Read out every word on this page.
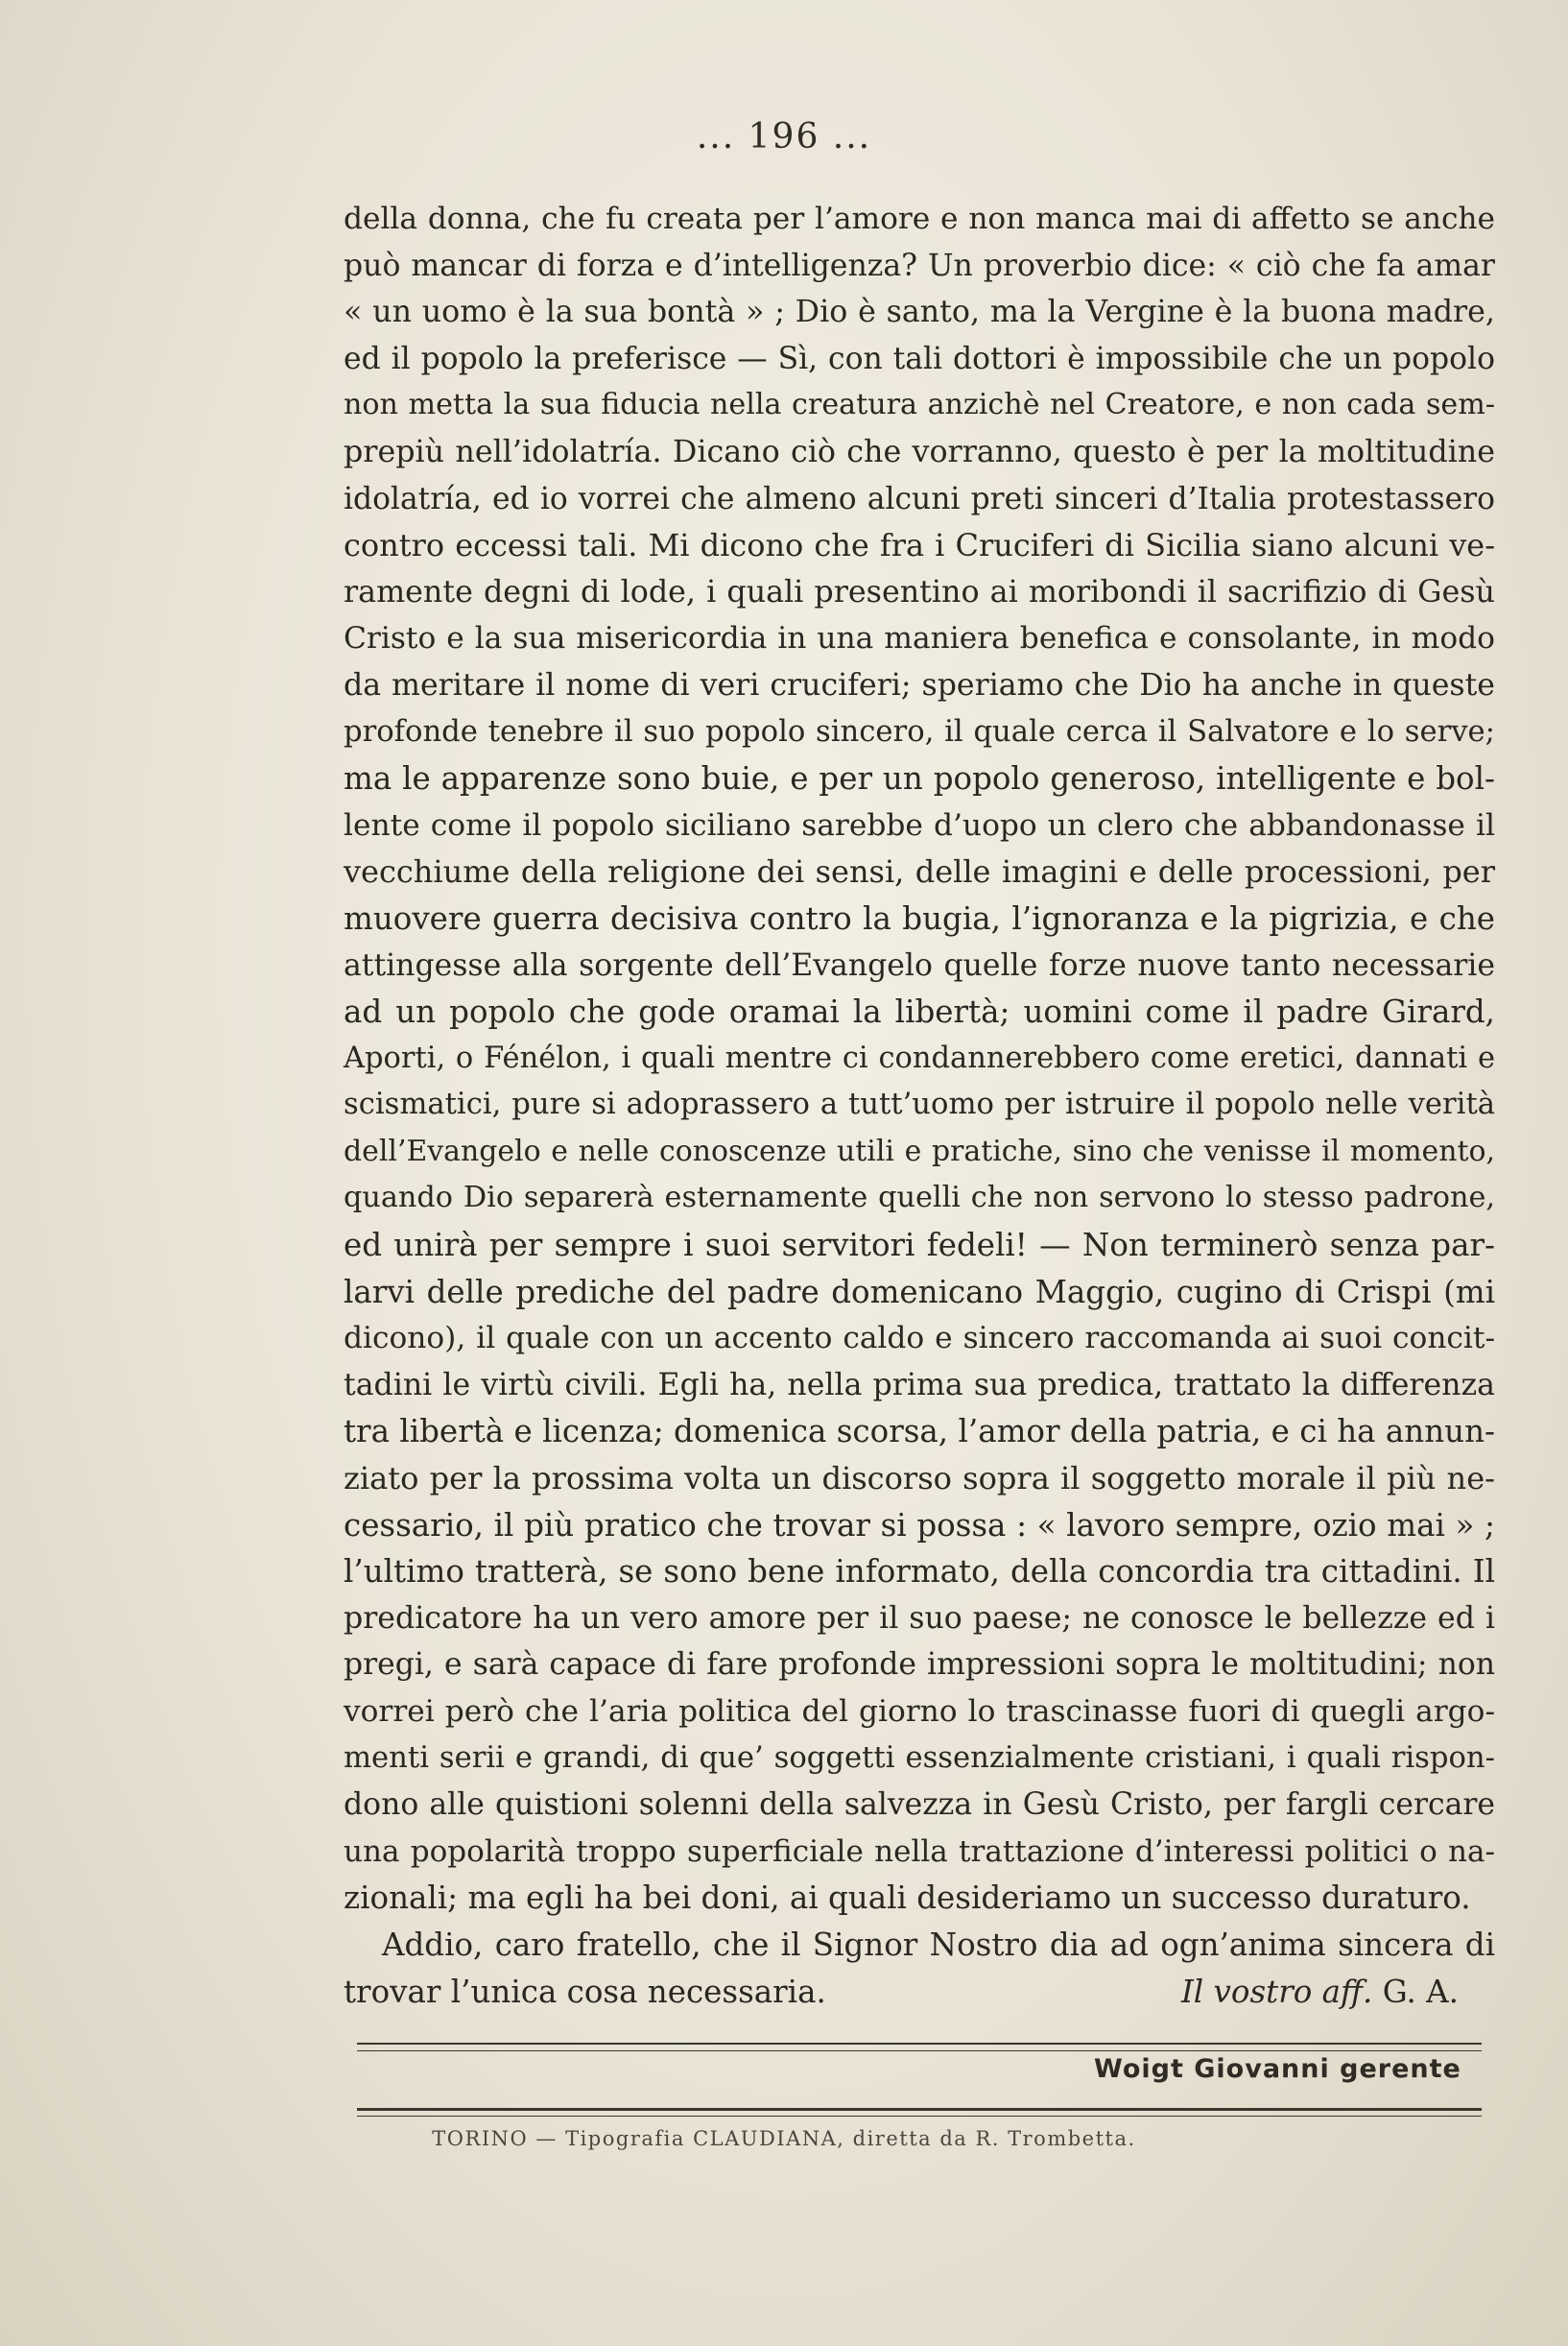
... 196 ...
della donna, che fu creata per l’amore e non manca mai di affetto se anche
può mancar di forza e d’intelligenza? Un proverbio dice: « ciò che fa amar
« un uomo è la sua bontà » ; Dio è santo, ma la Vergine è la buona madre,
ed il popolo la preferisce — Sì, con tali dottori è impossibile che un popolo
non metta la sua fiducia nella creatura anzichè nel Creatore, e non cada sem-
prepiù nell’idolatría. Dicano ciò che vorranno, questo è per la moltitudine
idolatría, ed io vorrei che almeno alcuni preti sinceri d’Italia protestassero
contro eccessi tali. Mi dicono che fra i Cruciferi di Sicilia siano alcuni ve-
ramente degni di lode, i quali presentino ai moribondi il sacrifizio di Gesù
Cristo e la sua misericordia in una maniera benefica e consolante, in modo
da meritare il nome di veri cruciferi; speriamo che Dio ha anche in queste
profonde tenebre il suo popolo sincero, il quale cerca il Salvatore e lo serve;
ma le apparenze sono buie, e per un popolo generoso, intelligente e bol-
lente come il popolo siciliano sarebbe d’uopo un clero che abbandonasse il
vecchiume della religione dei sensi, delle imagini e delle processioni, per
muovere guerra decisiva contro la bugia, l’ignoranza e la pigrizia, e che
attingesse alla sorgente dell’Evangelo quelle forze nuove tanto necessarie
ad un popolo che gode oramai la libertà; uomini come il padre Girard,
Aporti, o Fénélon, i quali mentre ci condannerebbero come eretici, dannati e
scismatici, pure si adoprassero a tutt’uomo per istruire il popolo nelle verità
dell’Evangelo e nelle conoscenze utili e pratiche, sino che venisse il momento,
quando Dio separerà esternamente quelli che non servono lo stesso padrone,
ed unirà per sempre i suoi servitori fedeli! — Non terminerò senza par-
larvi delle prediche del padre domenicano Maggio, cugino di Crispi (mi
dicono), il quale con un accento caldo e sincero raccomanda ai suoi concit-
tadini le virtù civili. Egli ha, nella prima sua predica, trattato la differenza
tra libertà e licenza; domenica scorsa, l’amor della patria, e ci ha annun-
ziato per la prossima volta un discorso sopra il soggetto morale il più ne-
cessario, il più pratico che trovar si possa : « lavoro sempre, ozio mai » ;
l’ultimo tratterà, se sono bene informato, della concordia tra cittadini. Il
predicatore ha un vero amore per il suo paese; ne conosce le bellezze ed i
pregi, e sarà capace di fare profonde impressioni sopra le moltitudini; non
vorrei però che l’aria politica del giorno lo trascinasse fuori di quegli argo-
menti serii e grandi, di que’ soggetti essenzialmente cristiani, i quali rispon-
dono alle quistioni solenni della salvezza in Gesù Cristo, per fargli cercare
una popolarità troppo superficiale nella trattazione d’interessi politici o na-
zionali; ma egli ha bei doni, ai quali desideriamo un successo duraturo.
Addio, caro fratello, che il Signor Nostro dia ad ogn’anima sincera di
trovar l’unica cosa necessaria.	Il vostro aff. G. A.
Woigt Giovanni gerente
TORINO — Tipografia CLAUDIANA, diretta da R. Trombetta.
